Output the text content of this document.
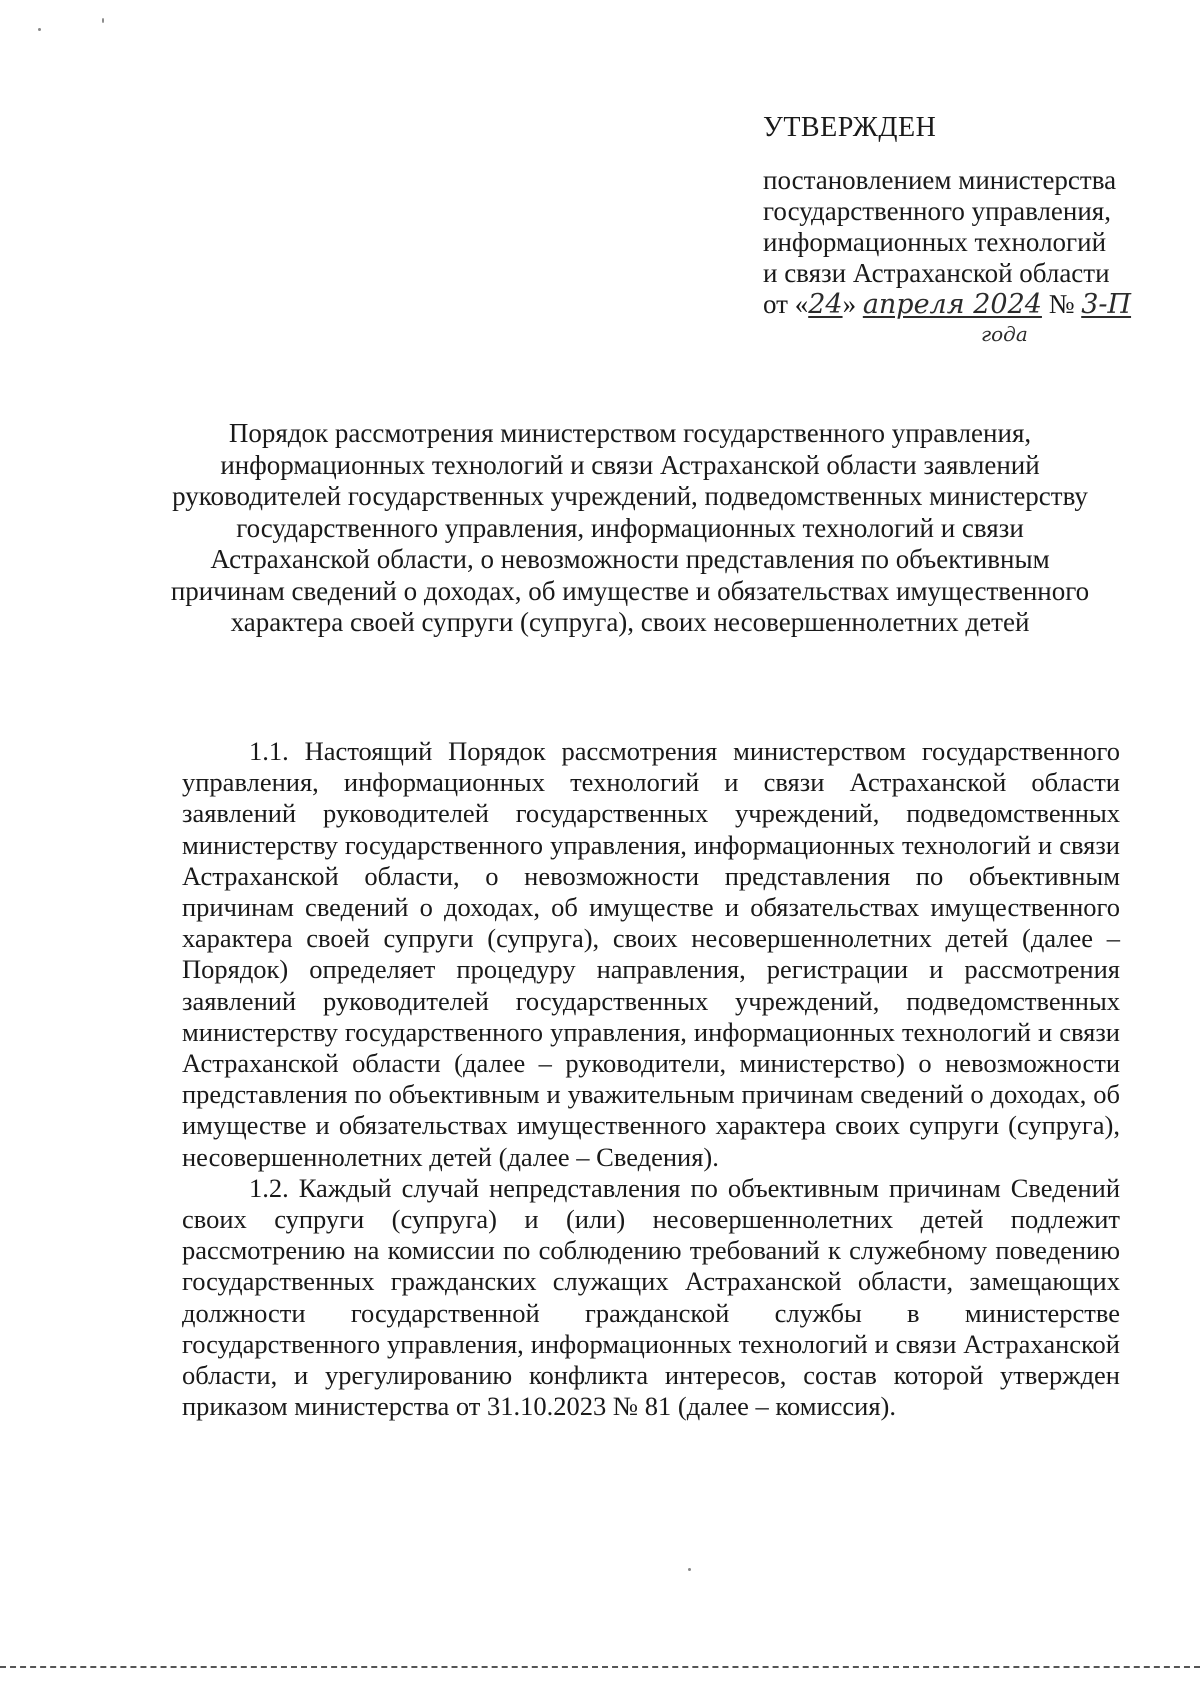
УТВЕРЖДЕН
постановлением министерства
государственного управления,
информационных технологий
и связи Астраханской области
от «24» апреля 2024 № 3-П
года
Порядок рассмотрения министерством государственного управления,
информационных технологий и связи Астраханской области заявлений
руководителей государственных учреждений, подведомственных министерству
государственного управления, информационных технологий и связи
Астраханской области, о невозможности представления по объективным
причинам сведений о доходах, об имуществе и обязательствах имущественного
характера своей супруги (супруга), своих несовершеннолетних детей

1.1. Настоящий Порядок рассмотрения министерством государственного управления, информационных технологий и связи Астраханской области заявлений руководителей государственных учреждений, подведомственных министерству государственного управления, информационных технологий и связи Астраханской области, о невозможности представления по объективным причинам сведений о доходах, об имуществе и обязательствах имущественного характера своей супруги (супруга), своих несовершеннолетних детей (далее – Порядок) определяет процедуру направления, регистрации и рассмотрения заявлений руководителей государственных учреждений, подведомственных министерству государственного управления, информационных технологий и связи Астраханской области (далее – руководители, министерство) о невозможности представления по объективным и уважительным причинам сведений о доходах, об имуществе и обязательствах имущественного характера своих супруги (супруга), несовершеннолетних детей (далее – Сведения).

1.2. Каждый случай непредставления по объективным причинам Сведений своих супруги (супруга) и (или) несовершеннолетних детей подлежит рассмотрению на комиссии по соблюдению требований к служебному поведению государственных гражданских служащих Астраханской области, замещающих должности государственной гражданской службы в министерстве государственного управления, информационных технологий и связи Астраханской области, и урегулированию конфликта интересов, состав которой утвержден приказом министерства от 31.10.2023 № 81 (далее – комиссия).
